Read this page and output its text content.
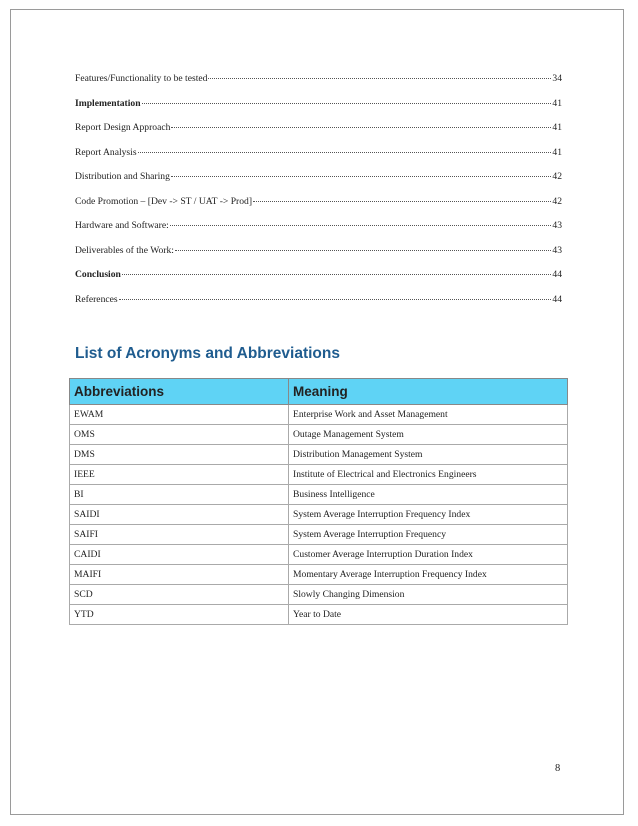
Features/Functionality to be tested	34
Implementation	41
Report Design Approach	41
Report Analysis	41
Distribution and Sharing	42
Code Promotion – [Dev -> ST / UAT -> Prod]	42
Hardware and Software:	43
Deliverables of the Work:	43
Conclusion	44
References	44
List of Acronyms and Abbreviations
Abbreviations	Meaning
EWAM	Enterprise Work and Asset Management
OMS	Outage Management System
DMS	Distribution Management System
IEEE	Institute of Electrical and Electronics Engineers
BI	Business Intelligence
SAIDI	System Average Interruption Frequency Index
SAIFI	System Average Interruption Frequency
CAIDI	Customer Average Interruption Duration Index
MAIFI	Momentary Average Interruption Frequency Index
SCD	Slowly Changing Dimension
YTD	Year to Date
8
